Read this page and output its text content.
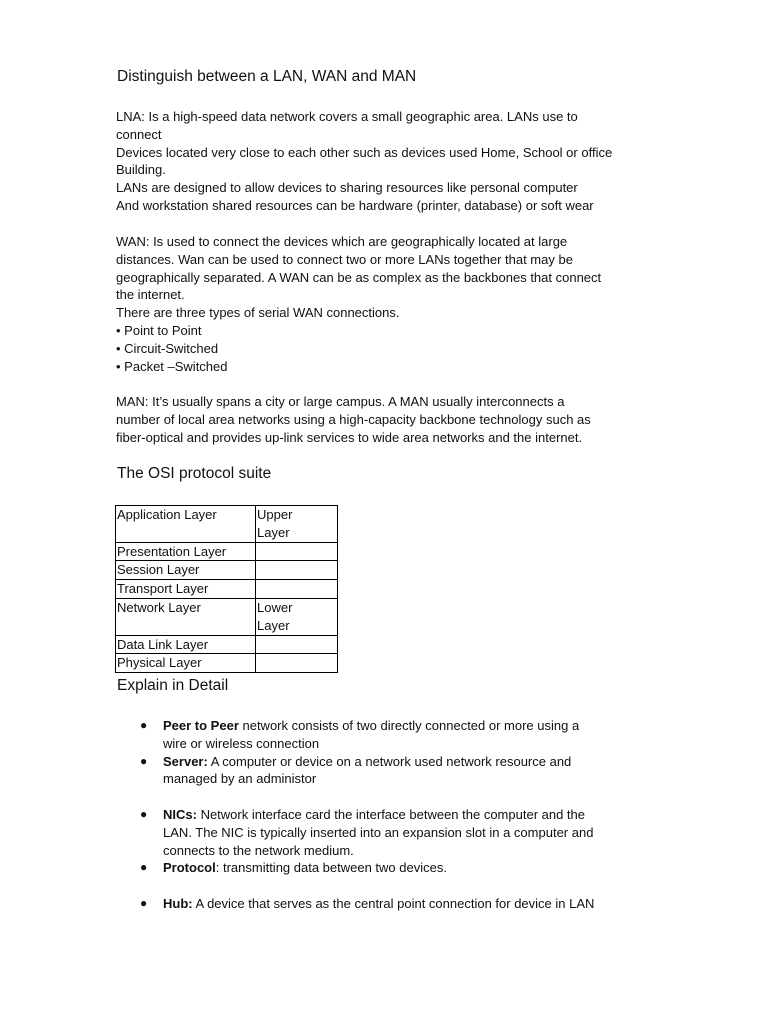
Distinguish between a LAN, WAN and MAN
LNA: Is a high-speed data network covers a small geographic area. LANs use to
connect
Devices located very close to each other such as devices used Home, School or office
Building.
LANs are designed to allow devices to sharing resources like personal computer
And workstation shared resources can be hardware (printer, database) or soft wear
WAN: Is used to connect the devices which are geographically located at large
distances. Wan can be used to connect two or more LANs together that may be
geographically separated. A WAN can be as complex as the backbones that connect
the internet.
There are three types of serial WAN connections.
• Point to Point
• Circuit-Switched
• Packet –Switched
MAN: It’s usually spans a city or large campus. A MAN usually interconnects a
number of local area networks using a high-capacity backbone technology such as
fiber-optical and provides up-link services to wide area networks and the internet.
The OSI protocol suite
Application Layer	Upper
Layer
Presentation Layer	
Session Layer	
Transport Layer	
Network Layer	Lower
Layer
Data Link Layer	
Physical Layer	
Explain in Detail
● Peer to Peer network consists of two directly connected or more using a
wire or wireless connection
● Server: A computer or device on a network used network resource and
managed by an administor
● NICs: Network interface card the interface between the computer and the
LAN. The NIC is typically inserted into an expansion slot in a computer and
connects to the network medium.
● Protocol: transmitting data between two devices.
● Hub: A device that serves as the central point connection for device in LAN
